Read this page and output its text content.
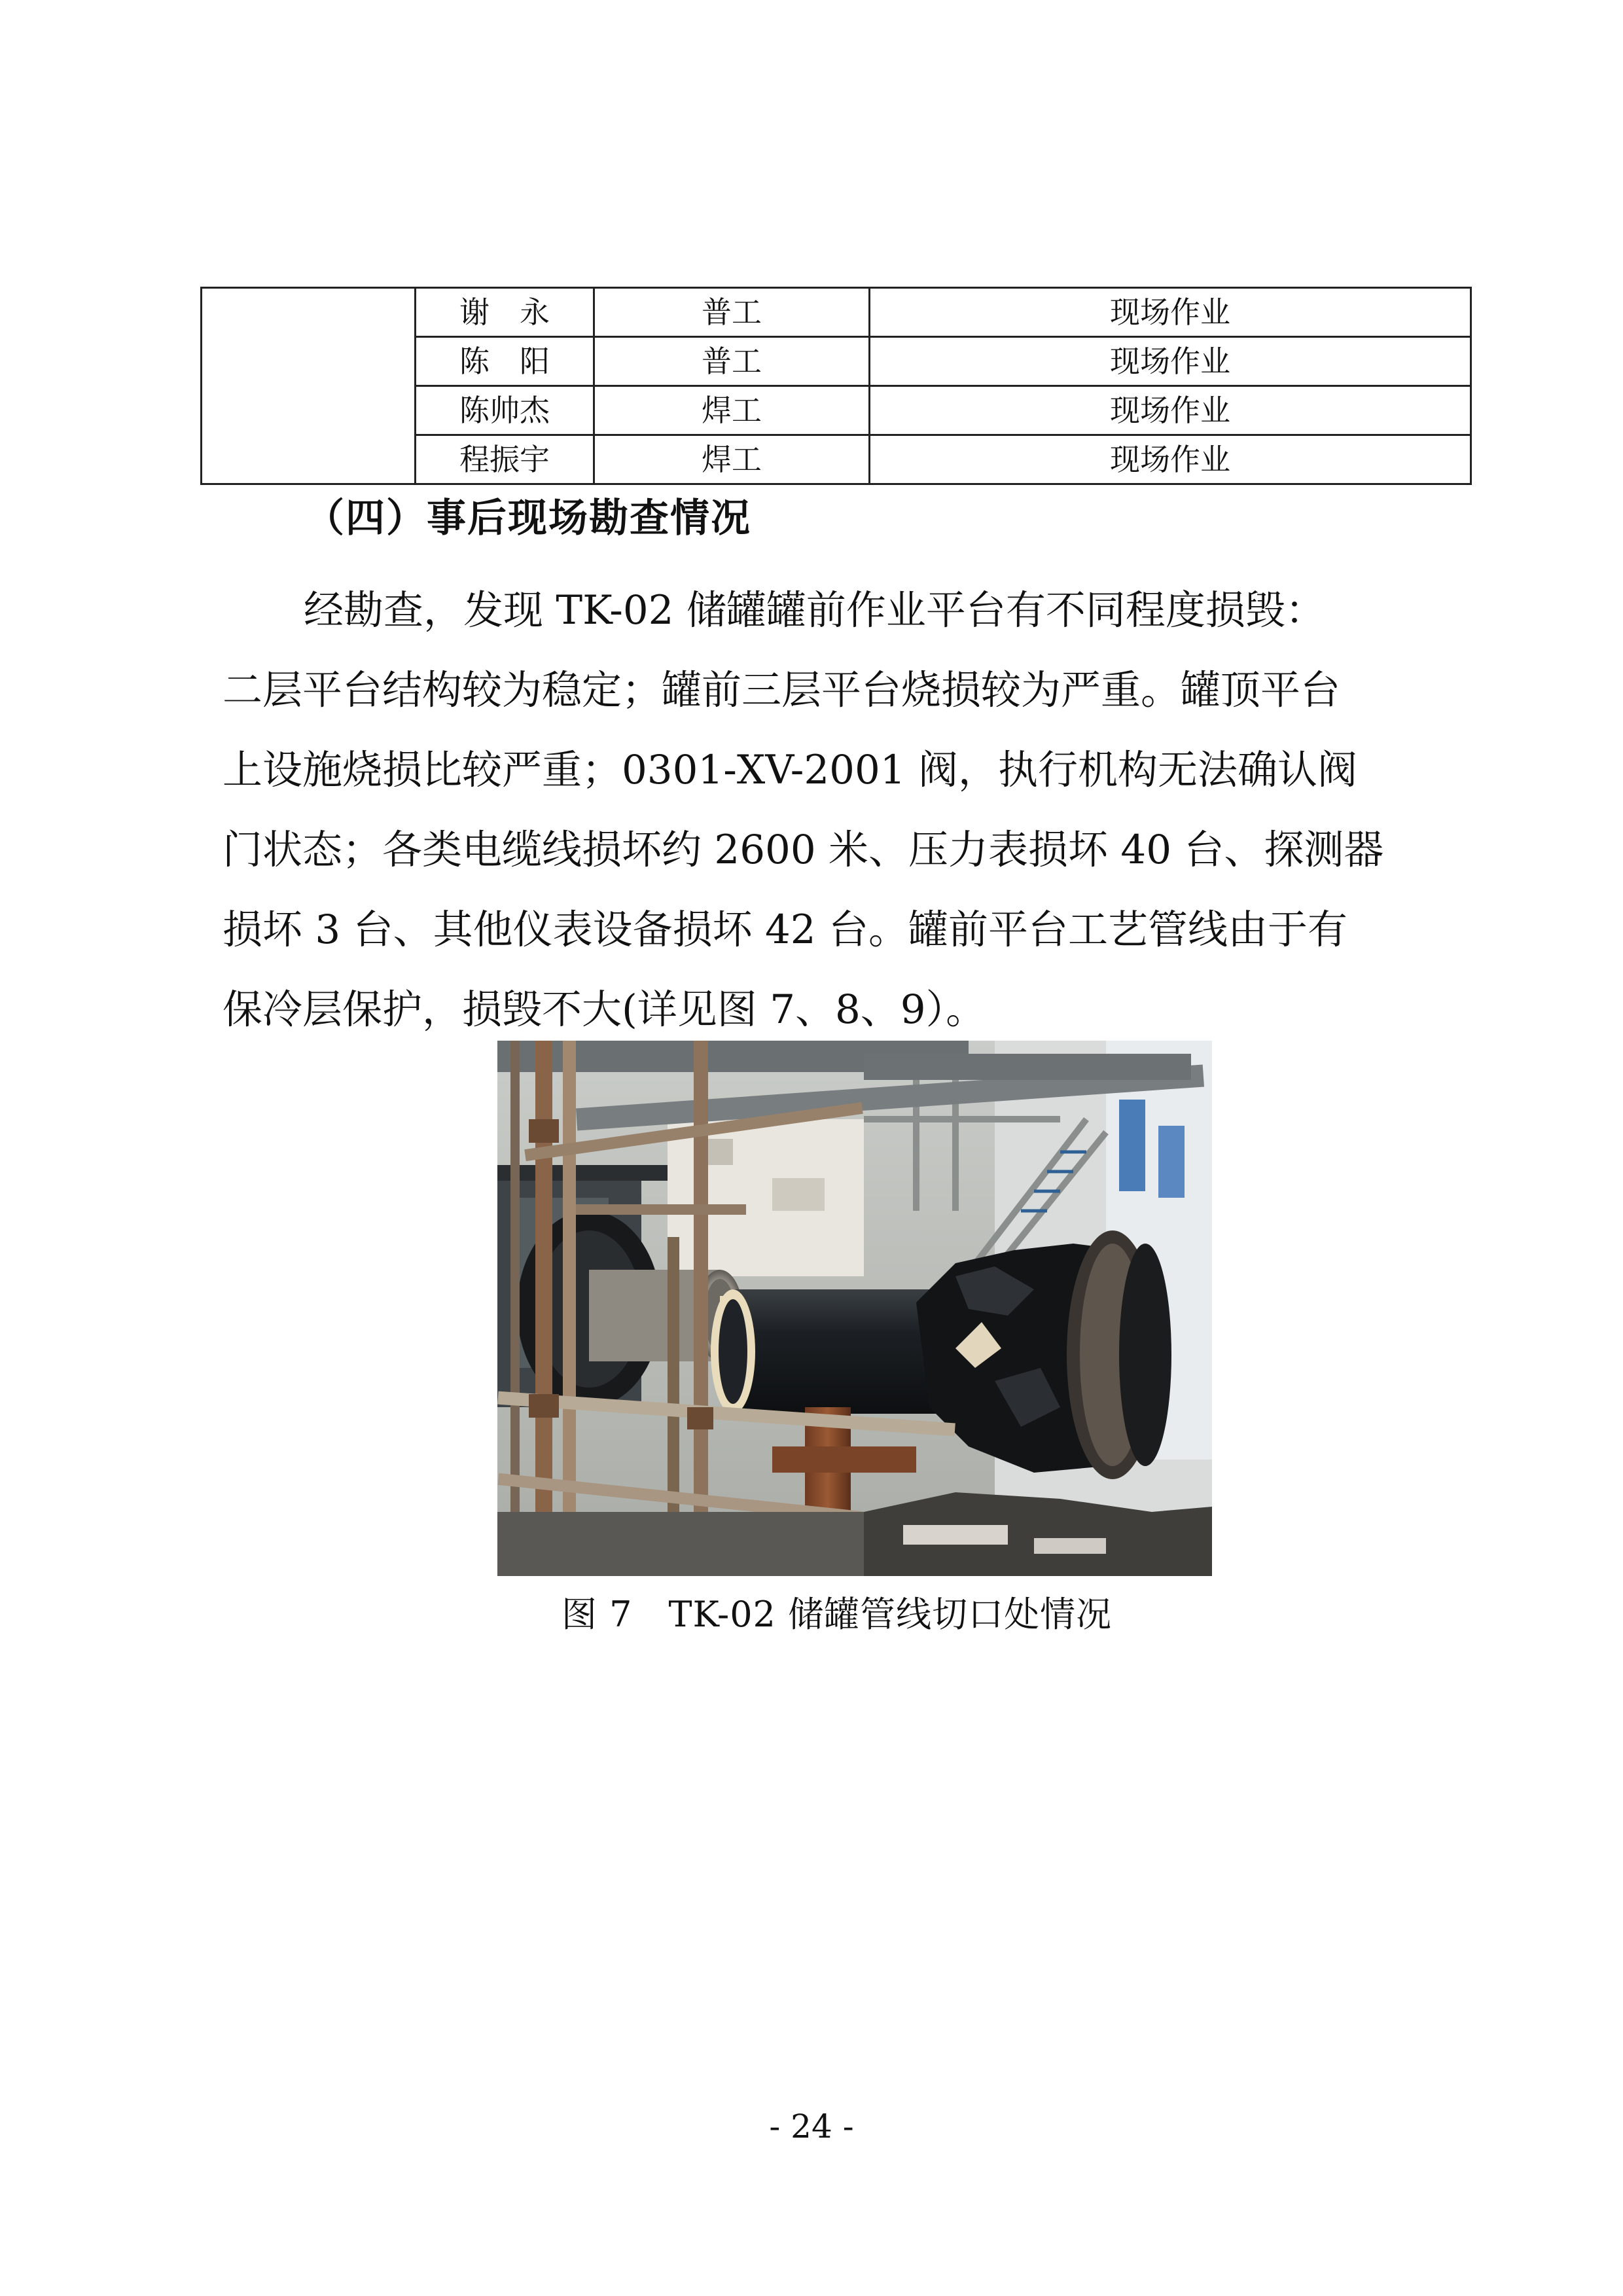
	谢　永	普工	现场作业
	陈　阳	普工	现场作业
	陈帅杰	焊工	现场作业
	程振宇	焊工	现场作业
（四）事后现场勘查情况
经勘查，发现 TK-02 储罐罐前作业平台有不同程度损毁：
二层平台结构较为稳定；罐前三层平台烧损较为严重。罐顶平台
上设施烧损比较严重；0301-XV-2001 阀，执行机构无法确认阀
门状态；各类电缆线损坏约 2600 米、压力表损坏 40 台、探测器
损坏 3 台、其他仪表设备损坏 42 台。罐前平台工艺管线由于有
保冷层保护，损毁不大(详见图 7、8、9）。
图 7　TK-02 储罐管线切口处情况
- 24 -
